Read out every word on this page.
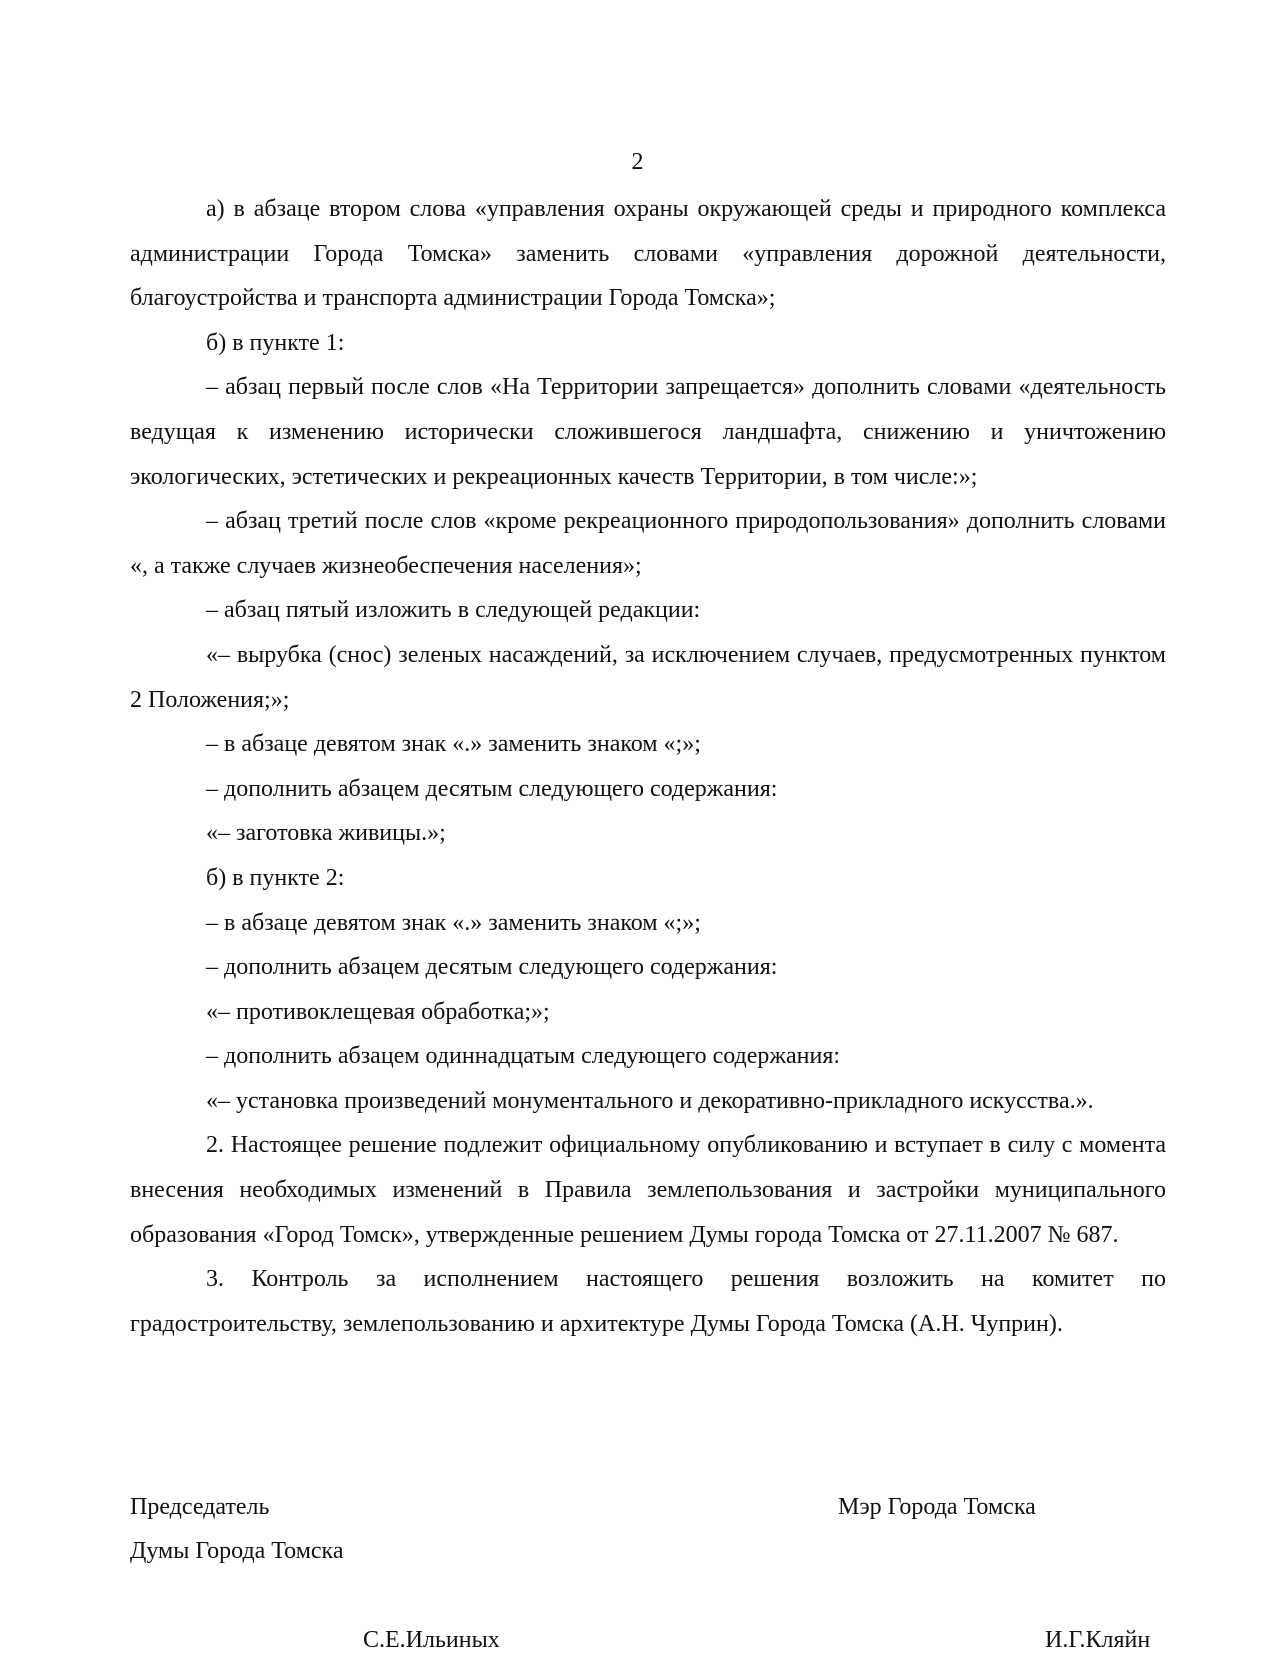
2

а) в абзаце втором слова «управления охраны окружающей среды и природного комплекса администрации Города Томска» заменить словами «управления дорожной деятельности, благоустройства и транспорта администрации Города Томска»;

б) в пункте 1:

– абзац первый после слов «На Территории запрещается» дополнить словами «деятельность ведущая к изменению исторически сложившегося ландшафта, снижению и уничтожению экологических, эстетических и рекреационных качеств Территории, в том числе:»;

– абзац третий после слов «кроме рекреационного природопользования» дополнить словами «, а также случаев жизнеобеспечения населения»;

– абзац пятый изложить в следующей редакции:

«– вырубка (снос) зеленых насаждений, за исключением случаев, предусмотренных пунктом 2 Положения;»;

– в абзаце девятом знак «.» заменить знаком «;»;

– дополнить абзацем десятым следующего содержания:

«– заготовка живицы.»;

б) в пункте 2:

– в абзаце девятом знак «.» заменить знаком «;»;

– дополнить абзацем десятым следующего содержания:

«– противоклещевая обработка;»;

– дополнить абзацем одиннадцатым следующего содержания:

«– установка произведений монументального и декоративно-прикладного искусства.».

2. Настоящее решение подлежит официальному опубликованию и вступает в силу с момента внесения необходимых изменений в Правила землепользования и застройки муниципального образования «Город Томск», утвержденные решением Думы города Томска от 27.11.2007 № 687.

3. Контроль за исполнением настоящего решения возложить на комитет по градостроительству, землепользованию и архитектуре Думы Города Томска (А.Н. Чуприн).

Председатель
Думы Города Томска
Мэр Города Томска
С.Е.Ильиных	И.Г.Кляйн
